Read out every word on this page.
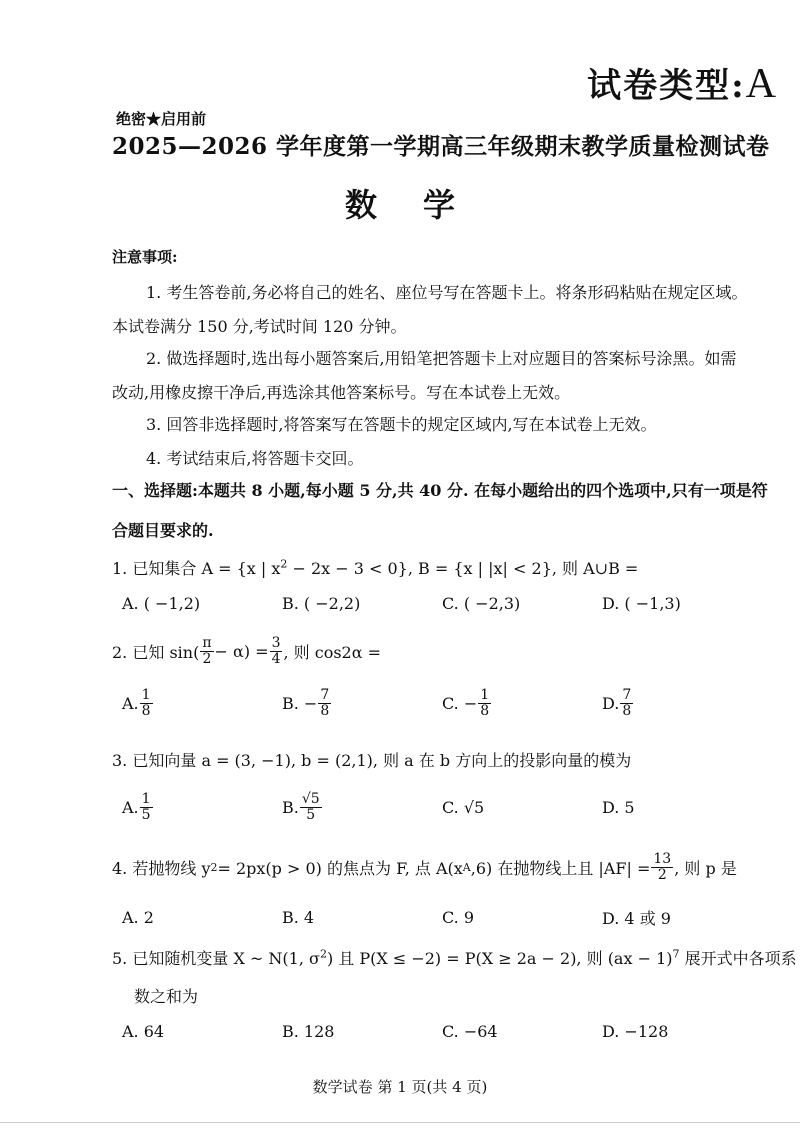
试卷类型:A
绝密★启用前
2025—2026 学年度第一学期高三年级期末教学质量检测试卷
数学
注意事项:
1. 考生答卷前,务必将自己的姓名、座位号写在答题卡上。将条形码粘贴在规定区域。
本试卷满分 150 分,考试时间 120 分钟。
2. 做选择题时,选出每小题答案后,用铅笔把答题卡上对应题目的答案标号涂黑。如需
改动,用橡皮擦干净后,再选涂其他答案标号。写在本试卷上无效。
3. 回答非选择题时,将答案写在答题卡的规定区域内,写在本试卷上无效。
4. 考试结束后,将答题卡交回。
一、选择题:本题共 8 小题,每小题 5 分,共 40 分. 在每小题给出的四个选项中,只有一项是符
合题目要求的.
1. 已知集合 A = {x | $x^2 - 2x - 3 < 0$}, B = {x | |x| < 2}, 则 A∪B =
A. ( −1,2)	B. ( −2,2)	C. ( −2,3)	D. ( −1,3)
2. 已知 $\sin( \frac{\pi}{2} - \alpha) = \frac{3}{4}$ , 则 cos2α =
A. $\frac{1}{8}$	B. − $\frac{7}{8}$	C. − $\frac{1}{8}$	D. $\frac{7}{8}$
3. 已知向量 a = (3, −1), b = (2,1), 则 a 在 b 方向上的投影向量的模为
A. $\frac{1}{5}$	B. $\frac{√5}{5}$	C. √5	D. 5
4. 若抛物线 y 2 = 2px(p > 0) 的焦点为 F, 点 A(x A ,6) 在抛物线上且 $|AF| = \frac{13}{2}$ , 则 p 是
A. 2	B. 4	C. 9	D. 4 或 9
5. 已知随机变量 X ~ N(1, $\sigma^2$) 且 P(X ≤ −2) = P(X ≥ 2a − 2), 则 (ax − 1)$^7$ 展开式中各项系
数之和为
A. 64	B. 128	C. −64	D. −128
数学试卷 第 1 页(共 4 页)
